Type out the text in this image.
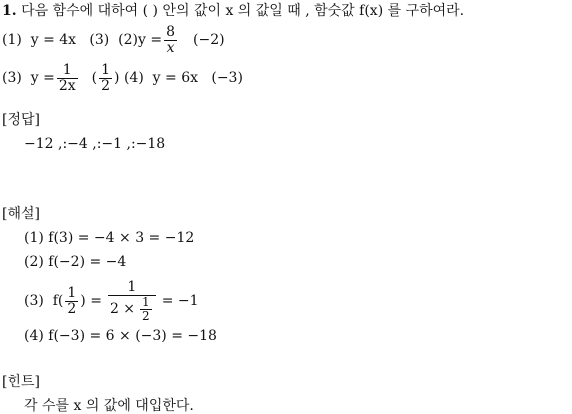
1. 다음 함수에 대하여 ( ) 안의 값이 x 의 값일 때 , 함숫값 f(x) 를 구하여라.
(1)  y = 4x   (3)  $(2)y = \frac{8}{x} (-2)$
(3)  $y = \frac{1}{2x}$ ( $\frac{1}{2}$ ) (4)  y = 6x   (−3)
[정답]
−12 ,:−4 ,:−1 ,:−18
[해설]
(1) f(3) = −4 × 3 = −12
(2) f(−2) = −4
(3)  $f( \frac{1}{2}$ ) = $\frac{1}{2 \times \frac{1}{2}} = -1$
(4) f(−3) = 6 × (−3) = −18
[힌트]
각 수를 x 의 값에 대입한다.
